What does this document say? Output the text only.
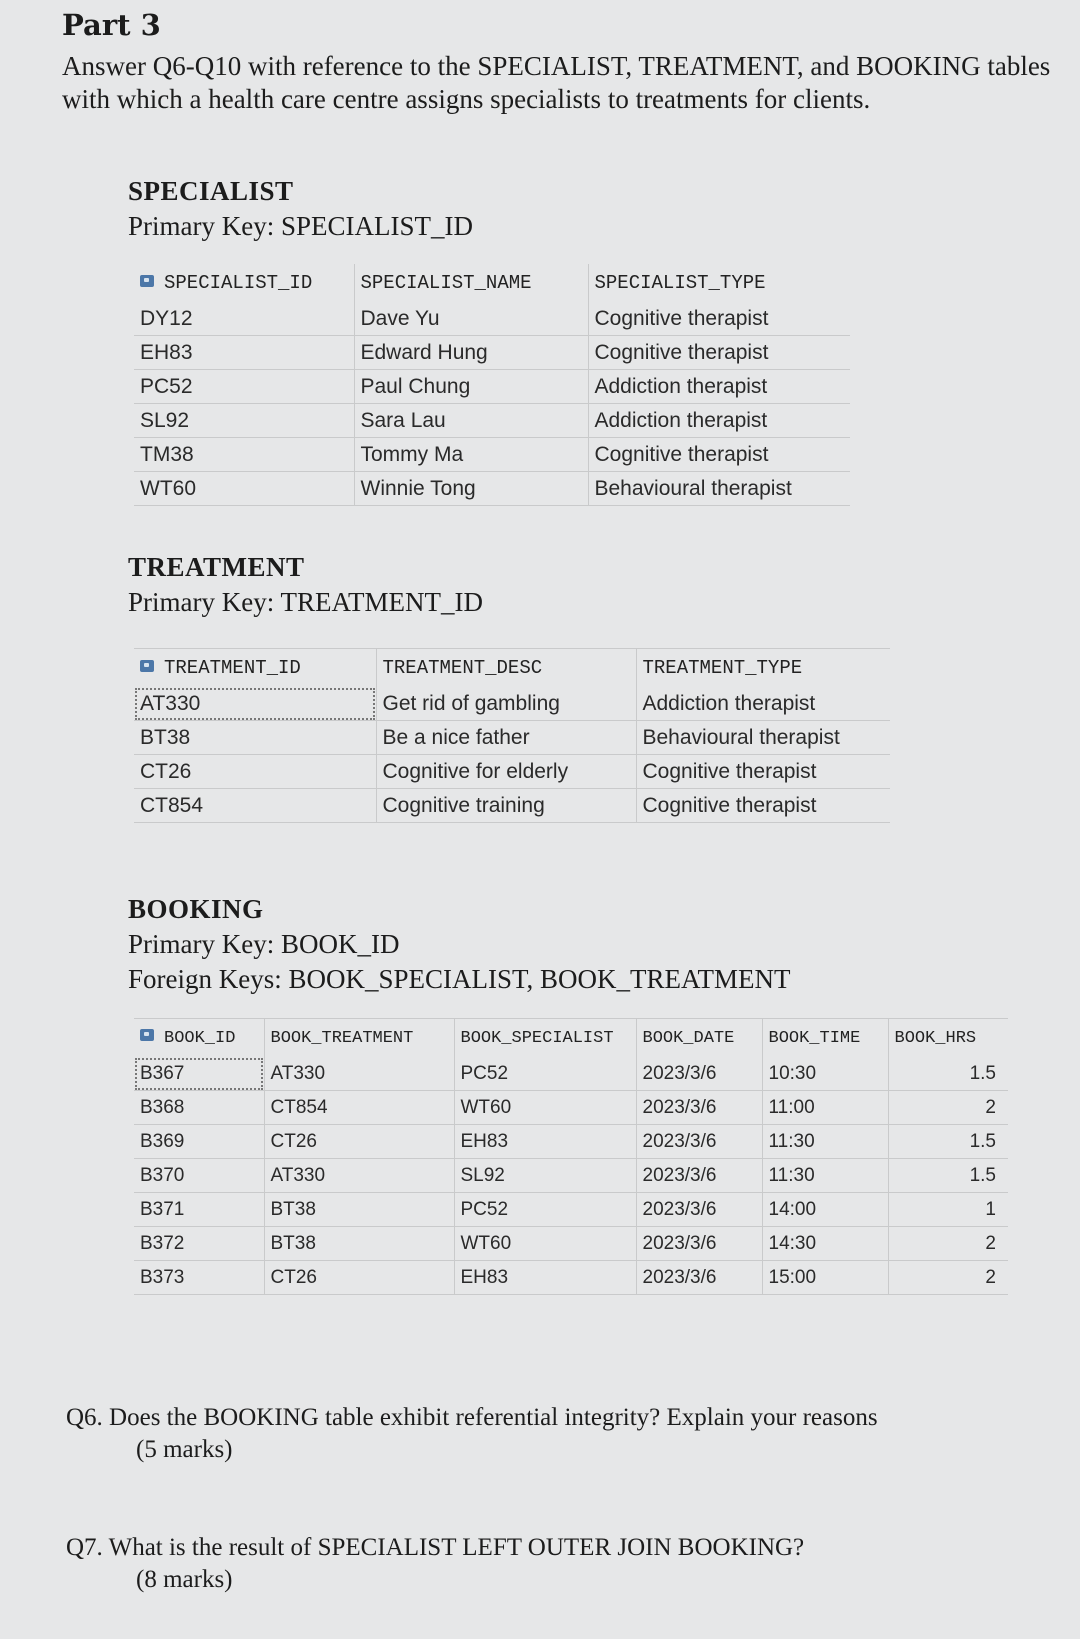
Part 3
Answer Q6-Q10 with reference to the SPECIALIST, TREATMENT, and BOOKING tables with which a health care centre assigns specialists to treatments for clients.
SPECIALIST
Primary Key: SPECIALIST_ID
SPECIALIST_ID	SPECIALIST_NAME	SPECIALIST_TYPE
DY12	Dave Yu	Cognitive therapist
EH83	Edward Hung	Cognitive therapist
PC52	Paul Chung	Addiction therapist
SL92	Sara Lau	Addiction therapist
TM38	Tommy Ma	Cognitive therapist
WT60	Winnie Tong	Behavioural therapist
TREATMENT
Primary Key: TREATMENT_ID
TREATMENT_ID	TREATMENT_DESC	TREATMENT_TYPE
AT330	Get rid of gambling	Addiction therapist
BT38	Be a nice father	Behavioural therapist
CT26	Cognitive for elderly	Cognitive therapist
CT854	Cognitive training	Cognitive therapist
BOOKING
Primary Key: BOOK_ID
Foreign Keys: BOOK_SPECIALIST, BOOK_TREATMENT
BOOK_ID	BOOK_TREATMENT	BOOK_SPECIALIST	BOOK_DATE	BOOK_TIME	BOOK_HRS
B367	AT330	PC52	2023/3/6	10:30	1.5
B368	CT854	WT60	2023/3/6	11:00	2
B369	CT26	EH83	2023/3/6	11:30	1.5
B370	AT330	SL92	2023/3/6	11:30	1.5
B371	BT38	PC52	2023/3/6	14:00	1
B372	BT38	WT60	2023/3/6	14:30	2
B373	CT26	EH83	2023/3/6	15:00	2
Q6. Does the BOOKING table exhibit referential integrity? Explain your reasons
(5 marks)
Q7. What is the result of SPECIALIST LEFT OUTER JOIN BOOKING?
(8 marks)
